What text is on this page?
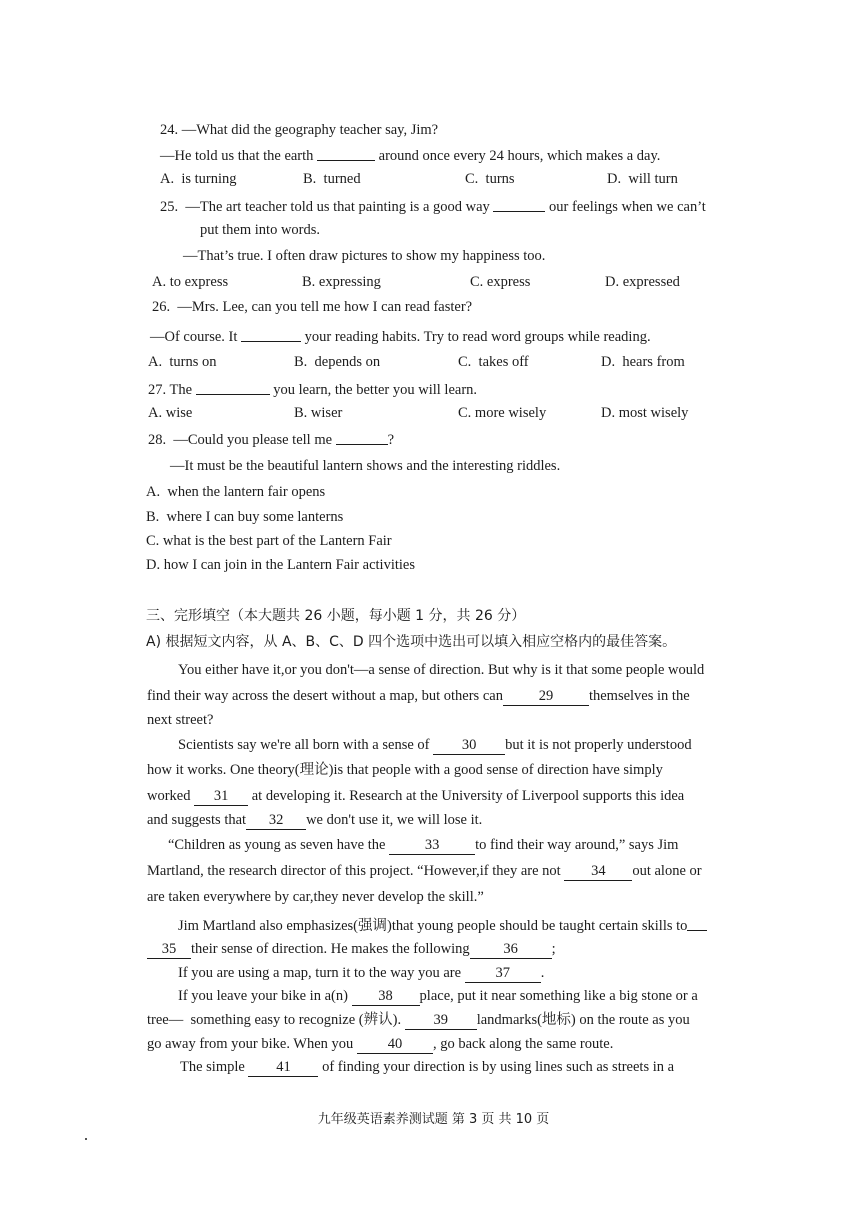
24. —What did the geography teacher say, Jim?
—He told us that the earth	around once every 24 hours, which makes a day.
A.  is turning	B.  turned	C.  turns	D.  will turn
25.  —The art teacher told us that painting is a good way	our feelings when we can’t
put them into words.
—That’s true. I often draw pictures to show my happiness too.
A. to express	B. expressing	C. express	D. expressed
26.  —Mrs. Lee, can you tell me how I can read faster?
—Of course. It	your reading habits. Try to read word groups while reading.
A.  turns on	B.  depends on	C.  takes off	D.  hears from
27. The	you learn, the better you will learn.
A. wise	B. wiser	C. more wisely	D. most wisely
28.  —Could you please tell me	?
—It must be the beautiful lantern shows and the interesting riddles.
A.  when the lantern fair opens
B.  where I can buy some lanterns
C. what is the best part of the Lantern Fair
D. how I can join in the Lantern Fair activities
三、完形填空（本大题共 26 小题，每小题 1 分，共 26 分）
A) 根据短文内容，从 A、B、C、D 四个选项中选出可以填入相应空格内的最佳答案。
You either have it,or you don't—a sense of direction. But why is it that some people would
find their way across the desert without a map, but others can 29 themselves in the
next street?
Scientists say we're all born with a sense of 30 but it is not properly understood
how it works. One theory(理论)is that people with a good sense of direction have simply
worked 31 at developing it. Research at the University of Liverpool supports this idea
and suggests that 32 we don't use it, we will lose it.
“Children as young as seven have the 33 to find their way around,” says Jim
Martland, the research director of this project. “However,if they are not 34 out alone or
are taken everywhere by car,they never develop the skill.”
Jim Martland also emphasizes(强调)that young people should be taught certain skills to
35 their sense of direction. He makes the following 36 ;
If you are using a map, turn it to the way you are 37 .
If you leave your bike in a(n) 38 place, put it near something like a big stone or a
tree—  something easy to recognize (辨认). 39 landmarks(地标) on the route as you
go away from your bike. When you 40 , go back along the same route.
The simple 41 of finding your direction is by using lines such as streets in a
九年级英语素养测试题 第 3 页 共 10 页
